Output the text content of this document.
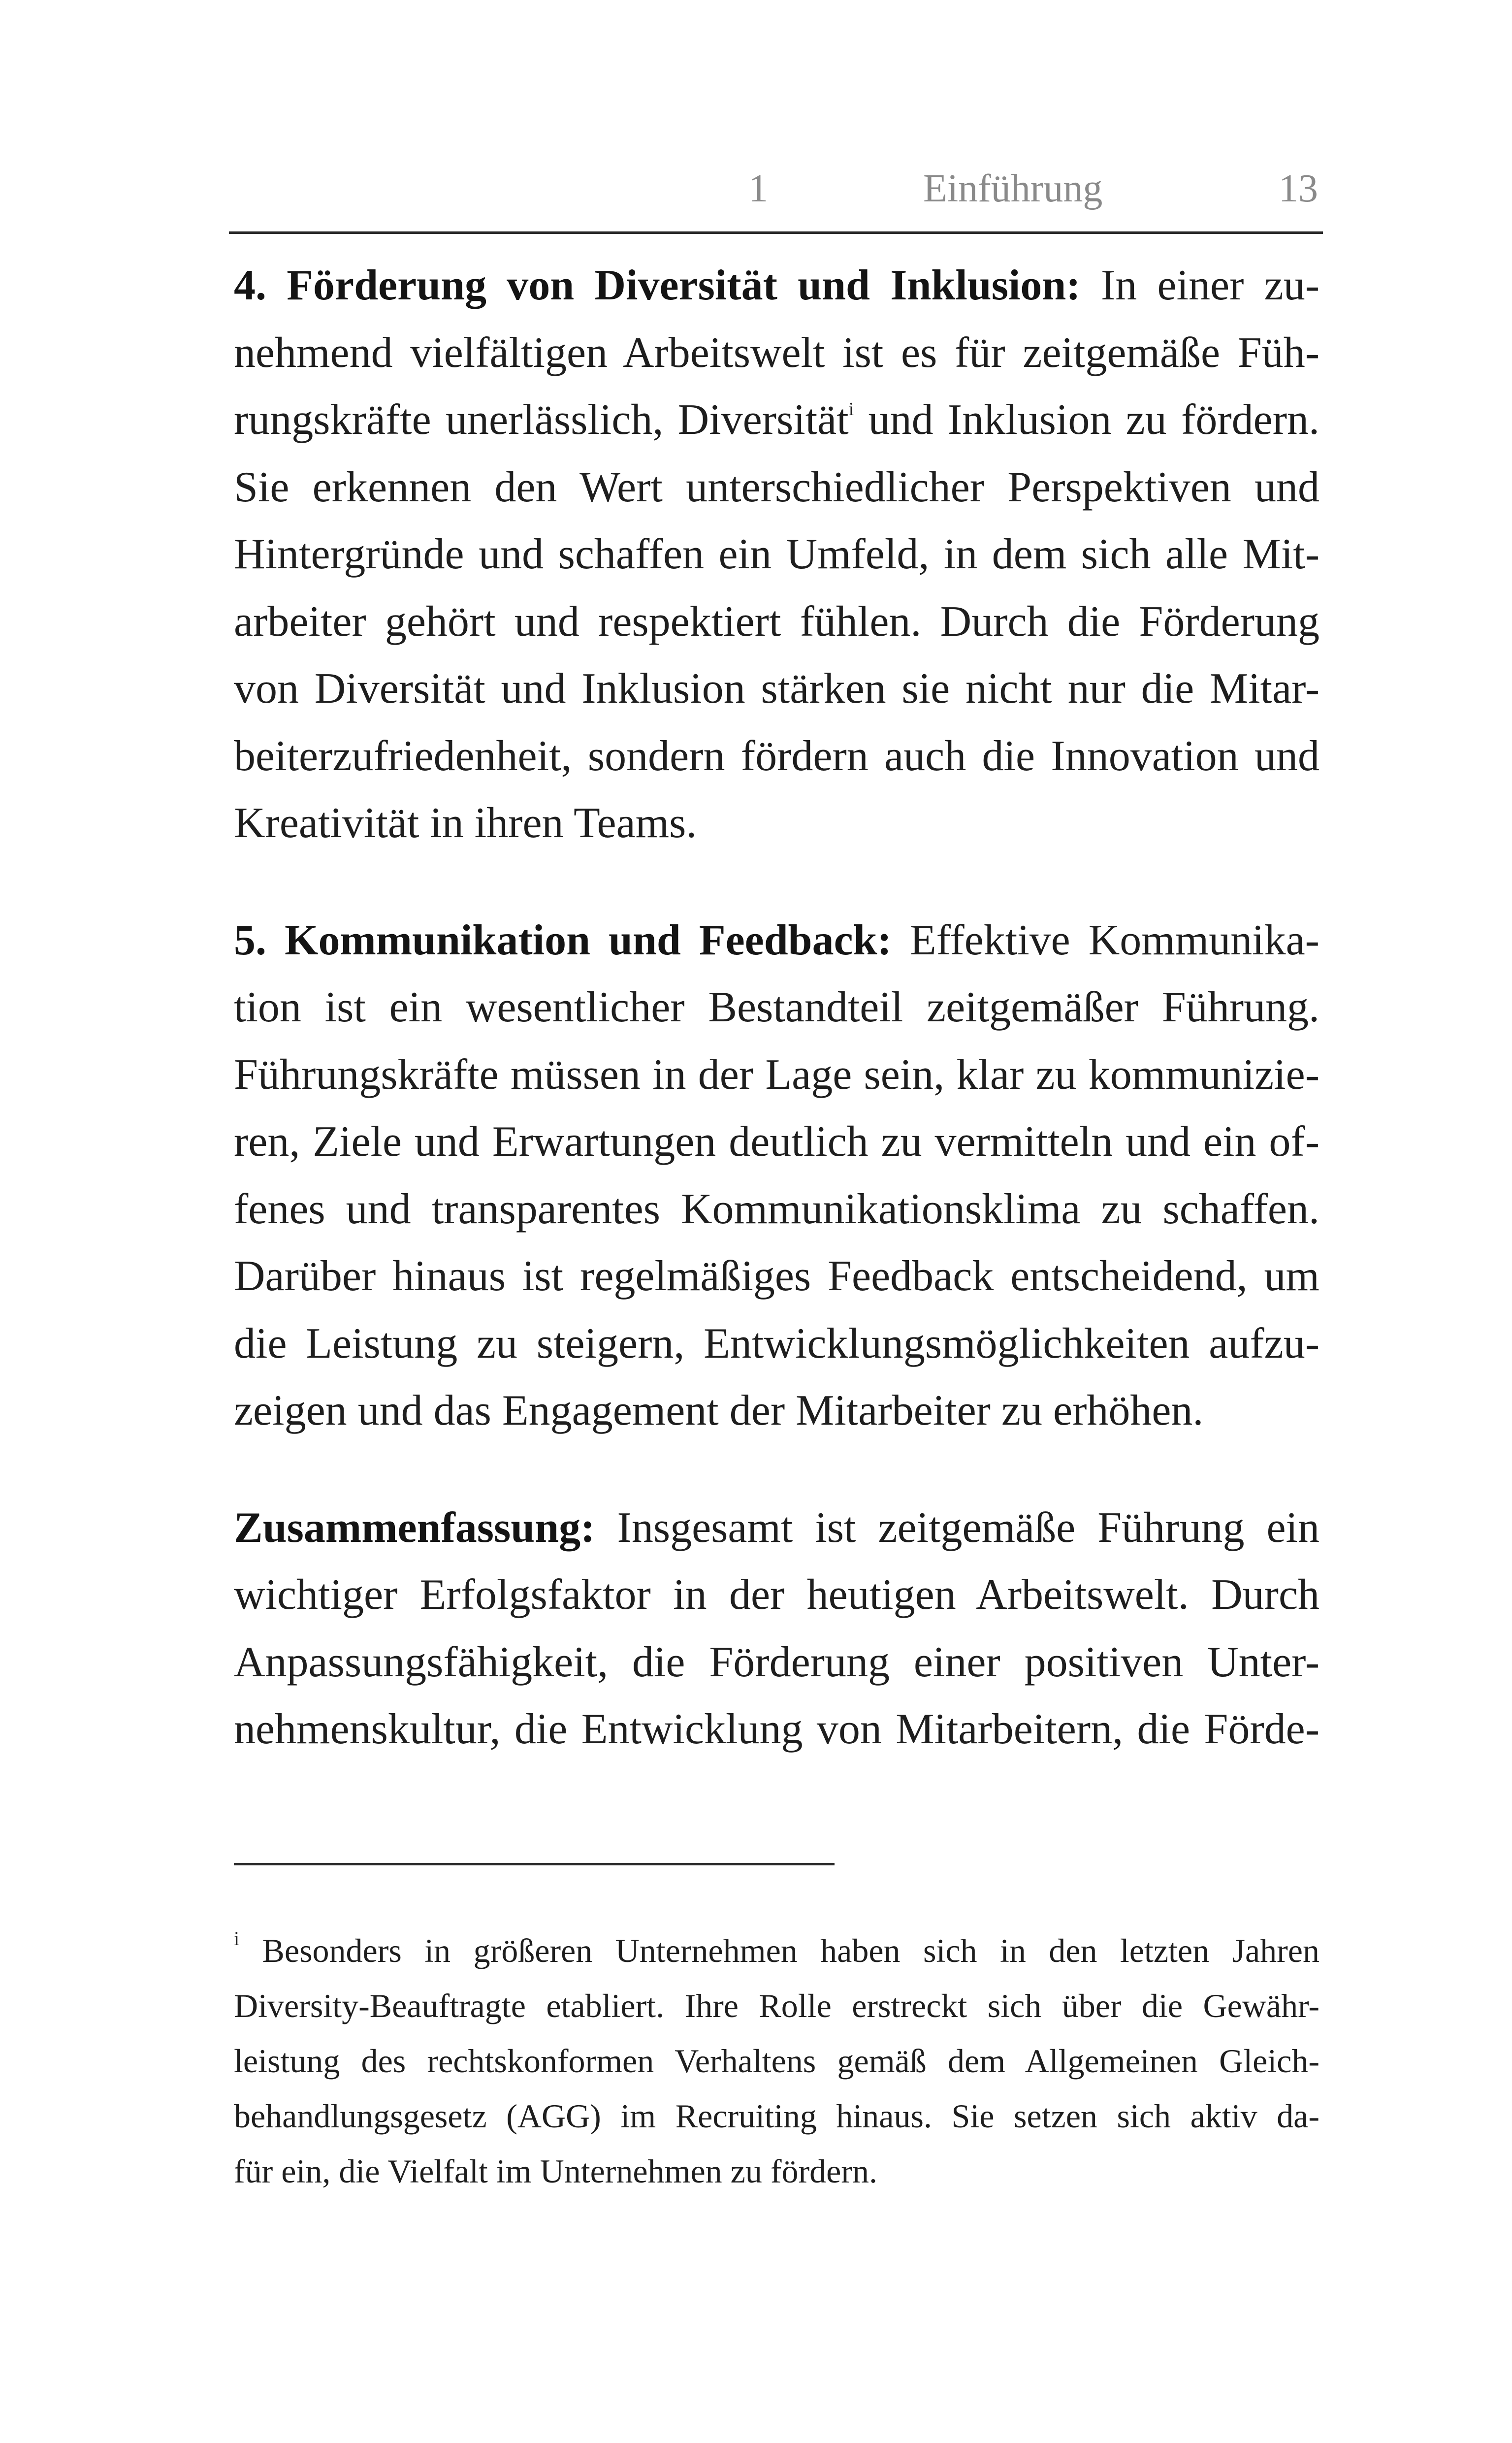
1	Einführung	13

4. Förderung von Diversität und Inklusion: In einer zu-
nehmend vielfältigen Arbeitswelt ist es für zeitgemäße Füh-
rungskräfte unerlässlich, Diversität$^i$ und Inklusion zu fördern.
Sie erkennen den Wert unterschiedlicher Perspektiven und
Hintergründe und schaffen ein Umfeld, in dem sich alle Mit-
arbeiter gehört und respektiert fühlen. Durch die Förderung
von Diversität und Inklusion stärken sie nicht nur die Mitar-
beiterzufriedenheit, sondern fördern auch die Innovation und
Kreativität in ihren Teams.

5. Kommunikation und Feedback: Effektive Kommunika-
tion ist ein wesentlicher Bestandteil zeitgemäßer Führung.
Führungskräfte müssen in der Lage sein, klar zu kommunizie-
ren, Ziele und Erwartungen deutlich zu vermitteln und ein of-
fenes und transparentes Kommunikationsklima zu schaffen.
Darüber hinaus ist regelmäßiges Feedback entscheidend, um
die Leistung zu steigern, Entwicklungsmöglichkeiten aufzu-
zeigen und das Engagement der Mitarbeiter zu erhöhen.

Zusammenfassung: Insgesamt ist zeitgemäße Führung ein
wichtiger Erfolgsfaktor in der heutigen Arbeitswelt. Durch
Anpassungsfähigkeit, die Förderung einer positiven Unter-
nehmenskultur, die Entwicklung von Mitarbeitern, die Förde-

$^i$ Besonders in größeren Unternehmen haben sich in den letzten Jahren
Diversity-Beauftragte etabliert. Ihre Rolle erstreckt sich über die Gewähr-
leistung des rechtskonformen Verhaltens gemäß dem Allgemeinen Gleich-
behandlungsgesetz (AGG) im Recruiting hinaus. Sie setzen sich aktiv da-
für ein, die Vielfalt im Unternehmen zu fördern.
